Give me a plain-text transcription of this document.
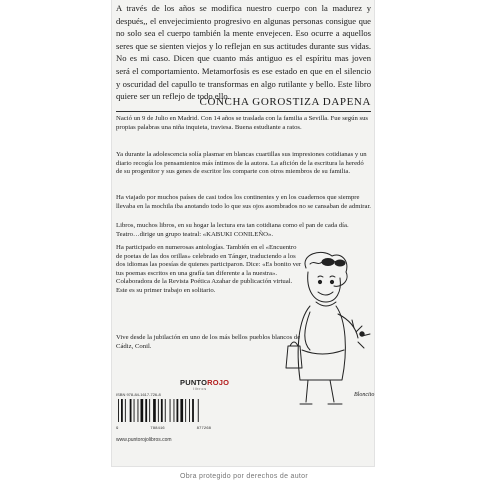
A través de los años se modifica nuestro cuerpo con la madurez y después,, el envejecimiento progresivo en algunas personas consigue que no solo sea el cuerpo también la mente envejecen. Eso ocurre a aquellos seres que se sienten viejos y lo reflejan en sus actitudes durante sus vidas. No es mi caso. Dicen que cuanto más antiguo es el espíritu mas joven será el comportamiento. Metamorfosis es ese estado en que en el silencio y oscuridad del capullo te transformas en algo rutilante y bello. Este libro quiere ser un reflejo de todo ello.
CONCHA GOROSTIZA DAPENA
Nació un 9 de Julio en Madrid. Con 14 años se traslada con la familia a Sevilla. Fue según sus propias palabras una niña inquieta, traviesa. Buena estudiante a ratos.
Ya durante la adolescencia solía plasmar en blancas cuartillas sus impresiones cotidianas y un diario recogía los pensamientos más íntimos de la autora. La afición de la escritura la heredó de su progenitor y sus genes de escritor los comparte con otros miembros de su familia.
Ha viajado por muchos países de casi todos los continentes y en los cuadernos que siempre llevaba en la mochila iba anotando todo lo que sus ojos asombrados no se cansaban de admirar.
Libros, muchos libros, en su hogar la lectura era tan cotidiana como el pan de cada día. Teatro…dirige un grupo teatral: «KABUKI CONILEÑO».
Ha participado en numerosas antologías. También en el «Encuentro de poetas de las dos orillas» celebrado en Tánger, traduciendo a los dos idiomas las poesías de quienes participaron. Dice: «Es bonito ver tus poemas escritos en una grafía tan diferente a la nuestra». Colaboradora de la Revista Poética Azahar de publicación virtual. Este es su primer trabajo en solitario.
Vive desde la jubilación en uno de los más bellos pueblos blancos de Cádiz, Conil.
Bloncito
PUNTOROJO
libros
ISBN 978-84-1617-726-8
9	788416	877268
www.puntorojolibros.com
Obra protegido por derechos de autor
